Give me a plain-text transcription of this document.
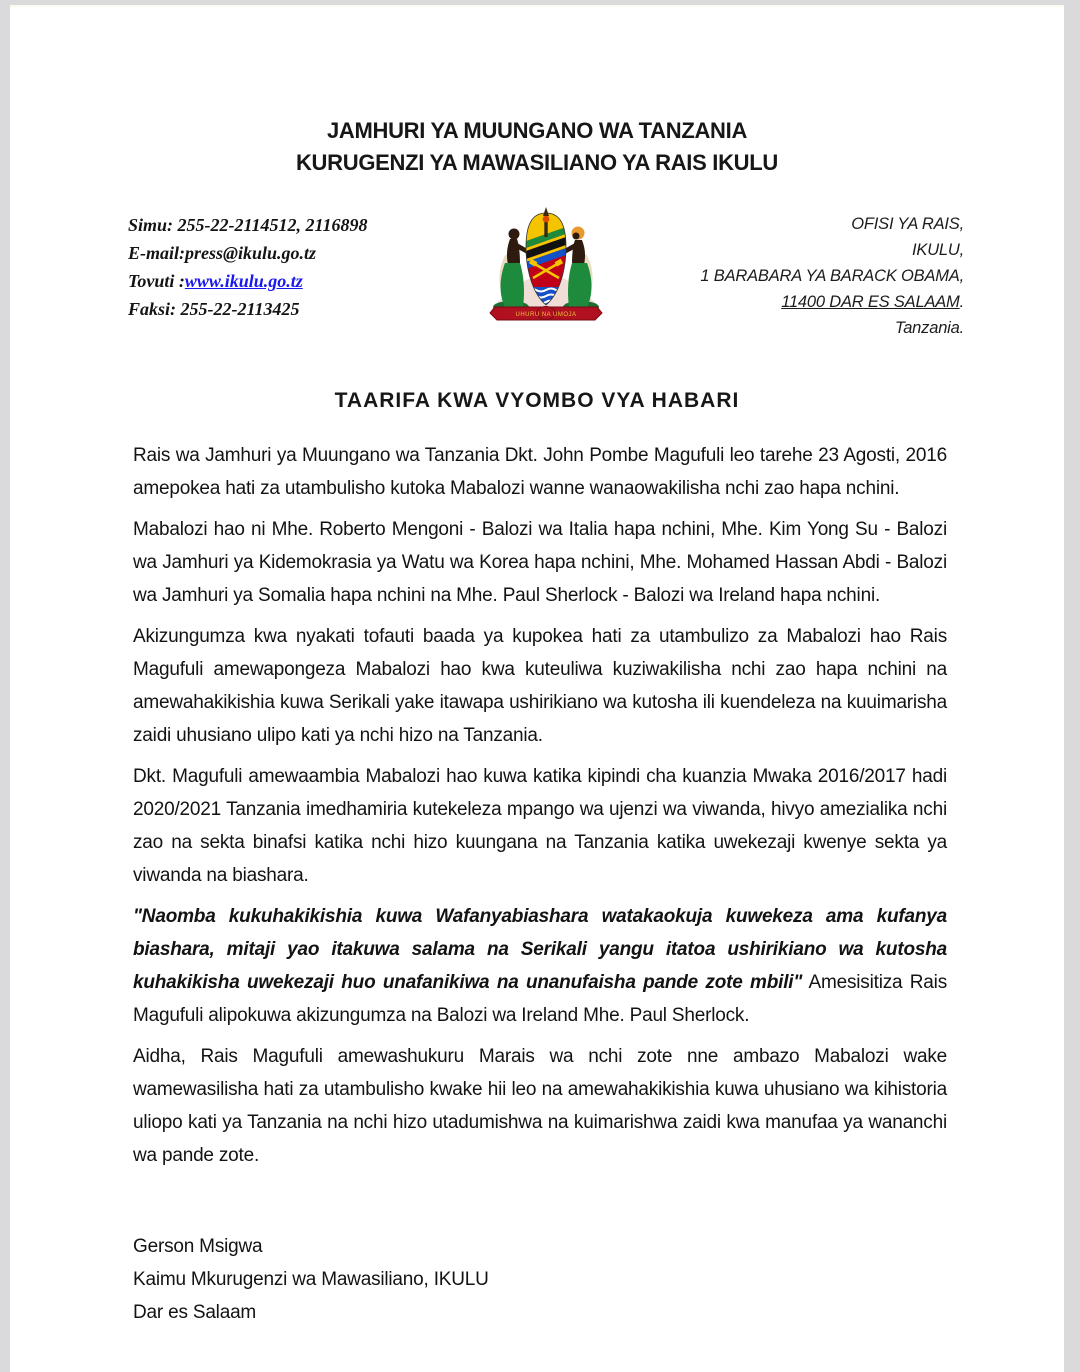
JAMHURI YA MUUNGANO WA TANZANIA
KURUGENZI YA MAWASILIANO YA RAIS IKULU
Simu: 255-22-2114512, 2116898
E-mail:press@ikulu.go.tz
Tovuti :www.ikulu.go.tz
Faksi: 255-22-2113425	UHURU NA UMOJA
OFISI YA RAIS,
IKULU,
1 BARABARA YA BARACK OBAMA,
11400 DAR ES SALAAM.
Tanzania.
TAARIFA KWA VYOMBO VYA HABARI

Rais wa Jamhuri ya Muungano wa Tanzania Dkt. John Pombe Magufuli leo tarehe 23 Agosti, 2016 amepokea hati za utambulisho kutoka Mabalozi wanne wanaowakilisha nchi zao hapa nchini.

Mabalozi hao ni Mhe. Roberto Mengoni - Balozi wa Italia hapa nchini, Mhe. Kim Yong Su - Balozi wa Jamhuri ya Kidemokrasia ya Watu wa Korea hapa nchini, Mhe. Mohamed Hassan Abdi - Balozi wa Jamhuri ya Somalia hapa nchini na Mhe. Paul Sherlock - Balozi wa Ireland hapa nchini.

Akizungumza kwa nyakati tofauti baada ya kupokea hati za utambulizo za Mabalozi hao Rais Magufuli amewapongeza Mabalozi hao kwa kuteuliwa kuziwakilisha nchi zao hapa nchini na amewahakikishia kuwa Serikali yake itawapa ushirikiano wa kutosha ili kuendeleza na kuuimarisha zaidi uhusiano ulipo kati ya nchi hizo na Tanzania.

Dkt. Magufuli amewaambia Mabalozi hao kuwa katika kipindi cha kuanzia Mwaka 2016/2017 hadi 2020/2021 Tanzania imedhamiria kutekeleza mpango wa ujenzi wa viwanda, hivyo amezialika nchi zao na sekta binafsi katika nchi hizo kuungana na Tanzania katika uwekezaji kwenye sekta ya viwanda na biashara.

"Naomba kukuhakikishia kuwa Wafanyabiashara watakaokuja kuwekeza ama kufanya biashara, mitaji yao itakuwa salama na Serikali yangu itatoa ushirikiano wa kutosha kuhakikisha uwekezaji huo unafanikiwa na unanufaisha pande zote mbili" Amesisitiza Rais Magufuli alipokuwa akizungumza na Balozi wa Ireland Mhe. Paul Sherlock.

Aidha, Rais Magufuli amewashukuru Marais wa nchi zote nne ambazo Mabalozi wake wamewasilisha hati za utambulisho kwake hii leo na amewahakikishia kuwa uhusiano wa kihistoria uliopo kati ya Tanzania na nchi hizo utadumishwa na kuimarishwa zaidi kwa manufaa ya wananchi wa pande zote.

Gerson Msigwa
Kaimu Mkurugenzi wa Mawasiliano, IKULU
Dar es Salaam
